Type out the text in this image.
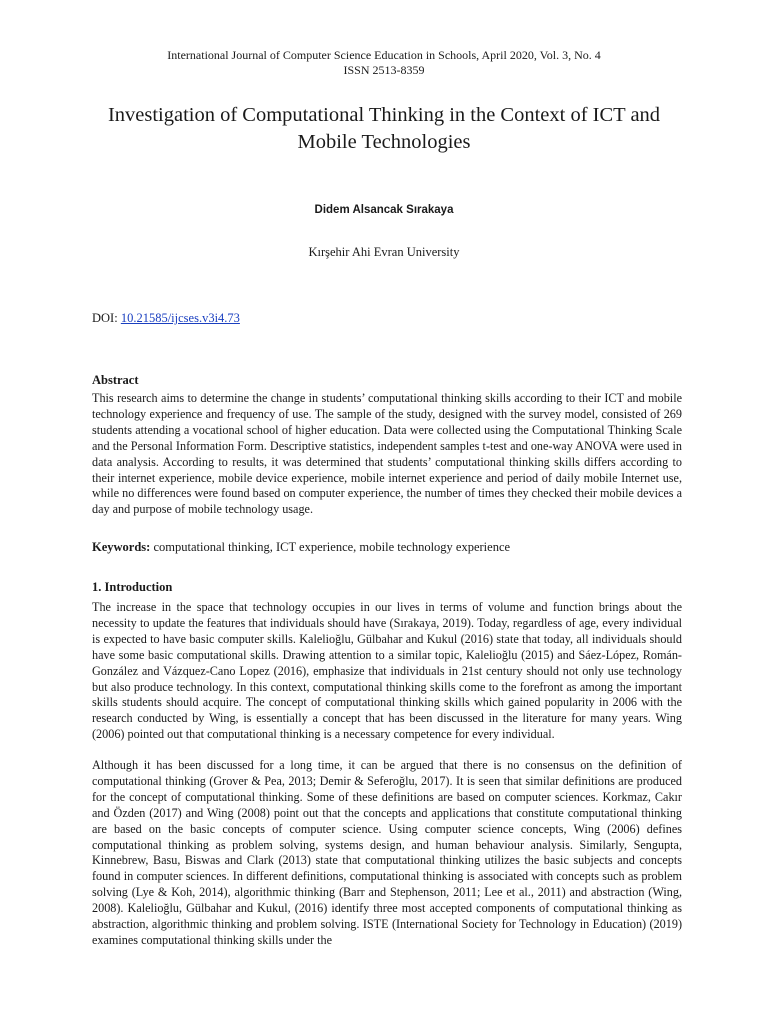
International Journal of Computer Science Education in Schools, April 2020, Vol. 3, No. 4
ISSN 2513-8359
Investigation of Computational Thinking in the Context of ICT and Mobile Technologies
Didem Alsancak Sırakaya
Kırşehir Ahi Evran University
DOI: 10.21585/ijcses.v3i4.73
Abstract

This research aims to determine the change in students’ computational thinking skills according to their ICT and mobile technology experience and frequency of use. The sample of the study, designed with the survey model, consisted of 269 students attending a vocational school of higher education. Data were collected using the Computational Thinking Scale and the Personal Information Form. Descriptive statistics, independent samples t-test and one-way ANOVA were used in data analysis. According to results, it was determined that students’ computational thinking skills differs according to their internet experience, mobile device experience, mobile internet experience and period of daily mobile Internet use, while no differences were found based on computer experience, the number of times they checked their mobile devices a day and purpose of mobile technology usage.

Keywords: computational thinking, ICT experience, mobile technology experience
1. Introduction

The increase in the space that technology occupies in our lives in terms of volume and function brings about the necessity to update the features that individuals should have (Sırakaya, 2019). Today, regardless of age, every individual is expected to have basic computer skills. Kalelioğlu, Gülbahar and Kukul (2016) state that today, all individuals should have some basic computational skills. Drawing attention to a similar topic, Kalelioğlu (2015) and Sáez-López, Román-González and Vázquez-Cano Lopez (2016), emphasize that individuals in 21st century should not only use technology but also produce technology. In this context, computational thinking skills come to the forefront as among the important skills students should acquire. The concept of computational thinking skills which gained popularity in 2006 with the research conducted by Wing, is essentially a concept that has been discussed in the literature for many years. Wing (2006) pointed out that computational thinking is a necessary competence for every individual.

Although it has been discussed for a long time, it can be argued that there is no consensus on the definition of computational thinking (Grover & Pea, 2013; Demir & Seferoğlu, 2017). It is seen that similar definitions are produced for the concept of computational thinking. Some of these definitions are based on computer sciences. Korkmaz, Cakır and Özden (2017) and Wing (2008) point out that the concepts and applications that constitute computational thinking are based on the basic concepts of computer science. Using computer science concepts, Wing (2006) defines computational thinking as problem solving, systems design, and human behaviour analysis. Similarly, Sengupta, Kinnebrew, Basu, Biswas and Clark (2013) state that computational thinking utilizes the basic subjects and concepts found in computer sciences. In different definitions, computational thinking is associated with concepts such as problem solving (Lye & Koh, 2014), algorithmic thinking (Barr and Stephenson, 2011; Lee et al., 2011) and abstraction (Wing, 2008). Kalelioğlu, Gülbahar and Kukul, (2016) identify three most accepted components of computational thinking as abstraction, algorithmic thinking and problem solving. ISTE (International Society for Technology in Education) (2019) examines computational thinking skills under the
